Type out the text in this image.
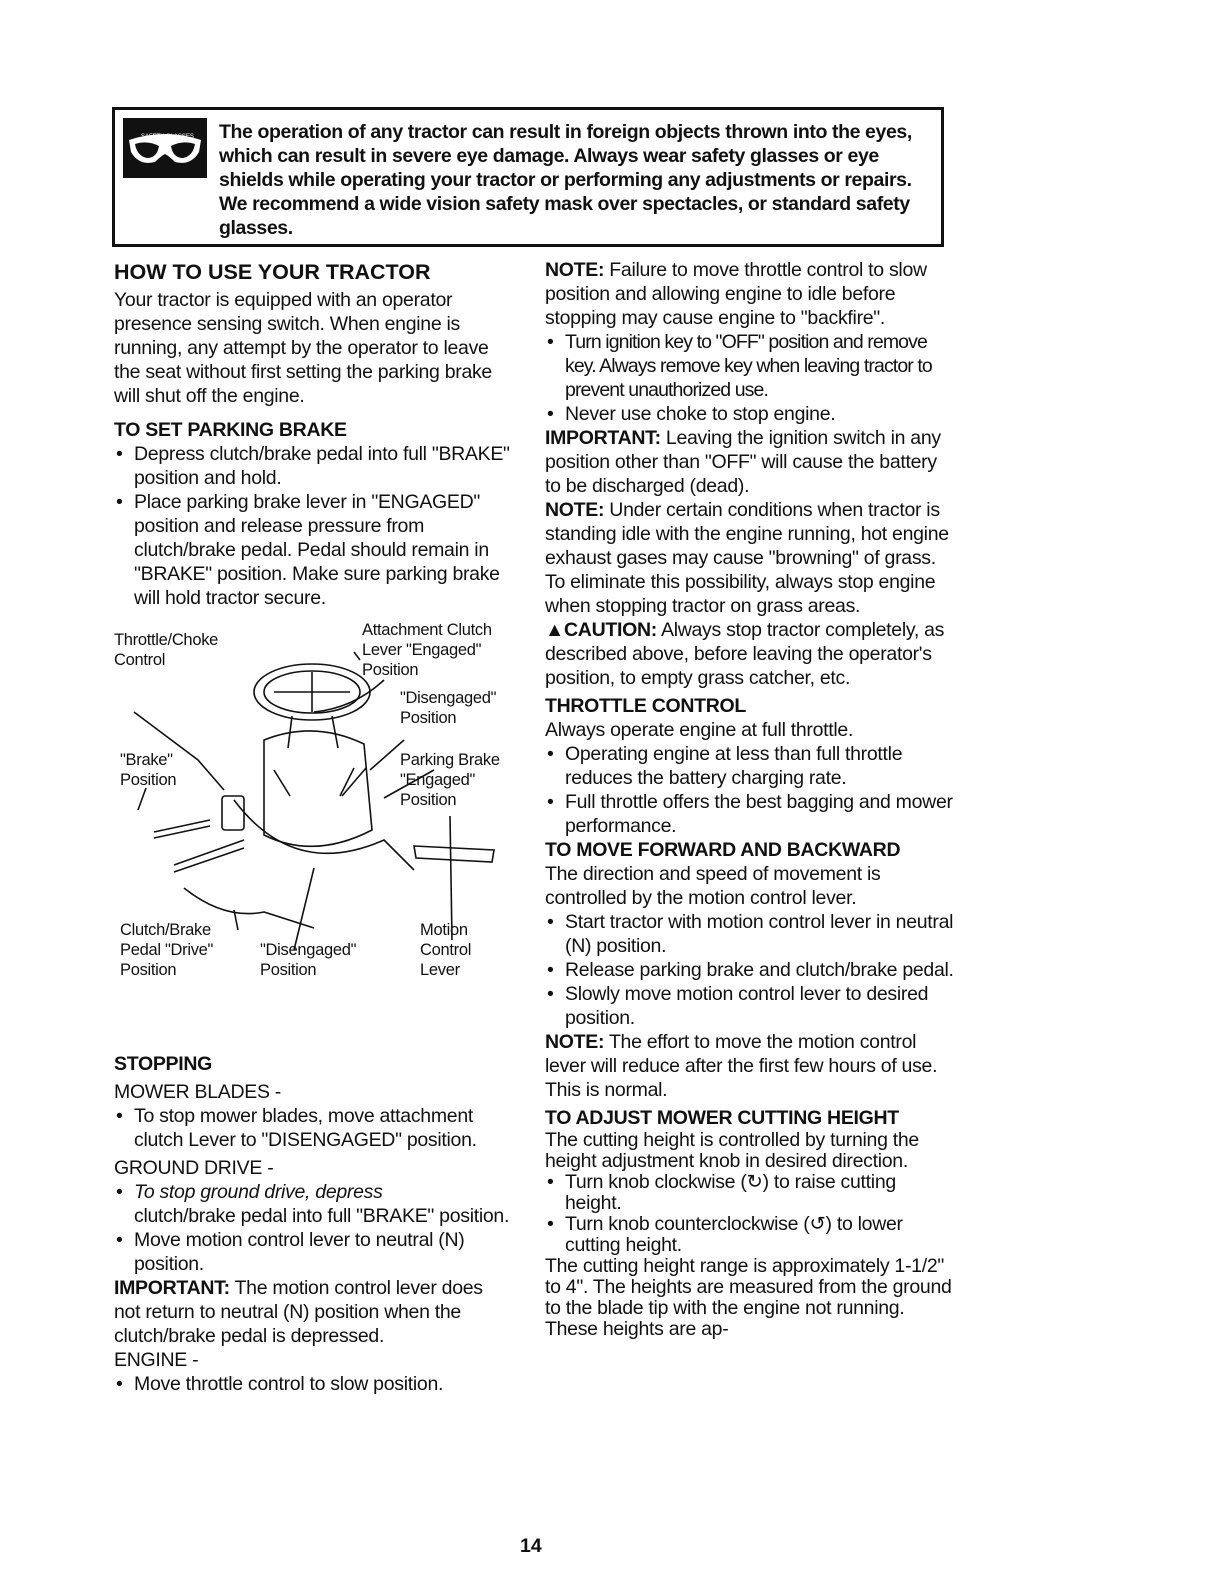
SAFETY GLASSES The operation of any tractor can result in foreign objects thrown into the eyes, which can result in severe eye damage. Always wear safety glasses or eye shields while operating your tractor or performing any adjustments or repairs. We recommend a wide vision safety mask over spectacles, or standard safety glasses.
HOW TO USE YOUR TRACTOR

Your tractor is equipped with an operator presence sensing switch. When engine is running, any attempt by the operator to leave the seat without first setting the parking brake will shut off the engine.

TO SET PARKING BRAKE
• Depress clutch/brake pedal into full "BRAKE" position and hold.
• Place parking brake lever in "ENGAGED" position and release pressure from clutch/brake pedal. Pedal should remain in "BRAKE" position. Make sure parking brake will hold tractor secure.
Throttle/Choke Control
Attachment Clutch Lever "Engaged" Position
"Disengaged" Position
"Brake" Position
Parking Brake "Engaged" Position
Clutch/Brake Pedal "Drive" Position
"Disengaged" Position
Motion Control Lever
STOPPING

MOWER BLADES -

• To stop mower blades, move attachment clutch Lever to "DISENGAGED" position.

GROUND DRIVE -

• To stop ground drive, depress
clutch/brake pedal into full "BRAKE" position.
• Move motion control lever to neutral (N) position.

IMPORTANT: The motion control lever does not return to neutral (N) position when the clutch/brake pedal is depressed.

ENGINE -

• Move throttle control to slow position.

NOTE: Failure to move throttle control to slow position and allowing engine to idle before stopping may cause engine to "backfire".

• Turn ignition key to "OFF" position and remove key. Always remove key when leaving tractor to prevent unauthorized use.
• Never use choke to stop engine.

IMPORTANT: Leaving the ignition switch in any position other than "OFF" will cause the battery to be discharged (dead).

NOTE: Under certain conditions when tractor is standing idle with the engine running, hot engine exhaust gases may cause "browning" of grass. To eliminate this possibility, always stop engine when stopping tractor on grass areas.

▲CAUTION: Always stop tractor completely, as described above, before leaving the operator's position, to empty grass catcher, etc.

THROTTLE CONTROL

Always operate engine at full throttle.

• Operating engine at less than full throttle reduces the battery charging rate.
• Full throttle offers the best bagging and mower performance.
TO MOVE FORWARD AND BACKWARD

The direction and speed of movement is controlled by the motion control lever.

• Start tractor with motion control lever in neutral (N) position.
• Release parking brake and clutch/brake pedal.
• Slowly move motion control lever to desired position.

NOTE: The effort to move the motion control lever will reduce after the first few hours of use. This is normal.

TO ADJUST MOWER CUTTING HEIGHT

The cutting height is controlled by turning the height adjustment knob in desired direction.

• Turn knob clockwise (↻) to raise cutting height.
• Turn knob counterclockwise (↺) to lower cutting height.

The cutting height range is approximately 1-1/2" to 4". The heights are measured from the ground to the blade tip with the engine not running. These heights are ap-

14
